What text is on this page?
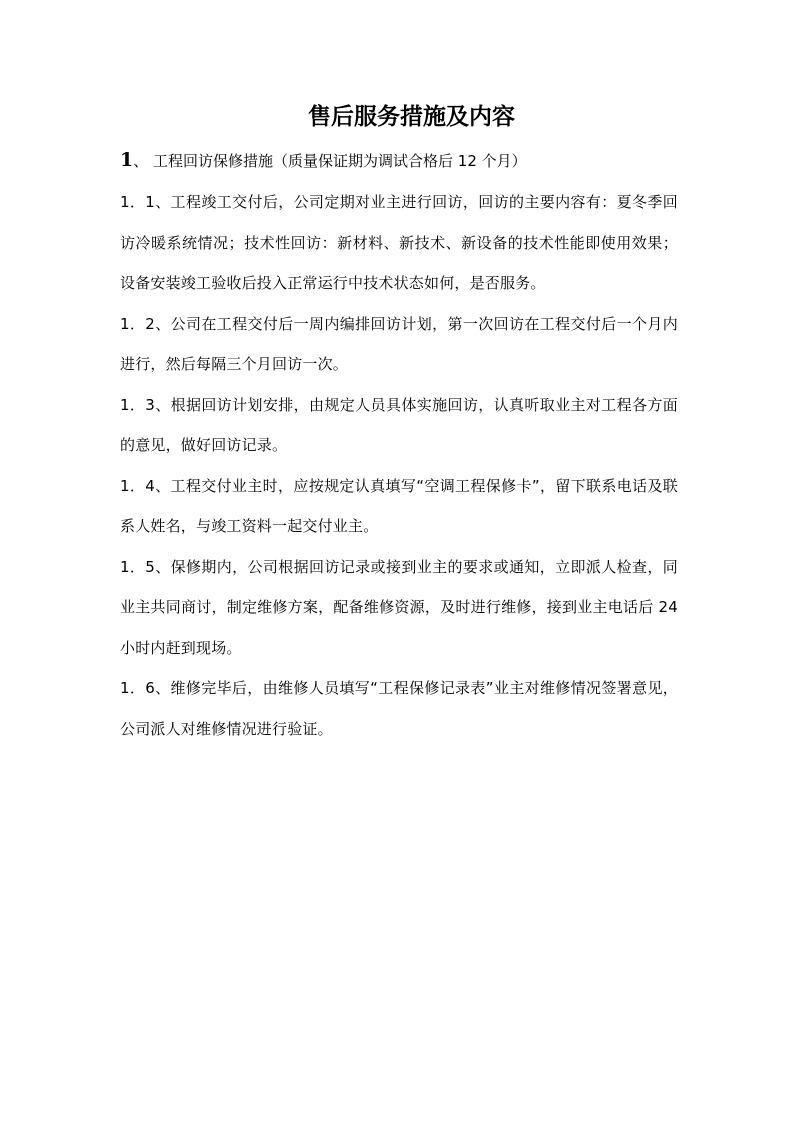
售后服务措施及内容

1、 工程回访保修措施（质量保证期为调试合格后 12 个月）

1．1、工程竣工交付后，公司定期对业主进行回访，回访的主要内容有：夏冬季回访冷暖系统情况；技术性回访：新材料、新技术、新设备的技术性能即使用效果；设备安装竣工验收后投入正常运行中技术状态如何，是否服务。

1．2、公司在工程交付后一周内编排回访计划，第一次回访在工程交付后一个月内进行，然后每隔三个月回访一次。

1．3、根据回访计划安排，由规定人员具体实施回访，认真听取业主对工程各方面的意见，做好回访记录。

1．4、工程交付业主时，应按规定认真填写“空调工程保修卡”，留下联系电话及联系人姓名，与竣工资料一起交付业主。

1．5、保修期内，公司根据回访记录或接到业主的要求或通知，立即派人检查，同业主共同商讨，制定维修方案，配备维修资源，及时进行维修，接到业主电话后 24 小时内赶到现场。

1．6、维修完毕后，由维修人员填写“工程保修记录表”业主对维修情况签署意见，公司派人对维修情况进行验证。
